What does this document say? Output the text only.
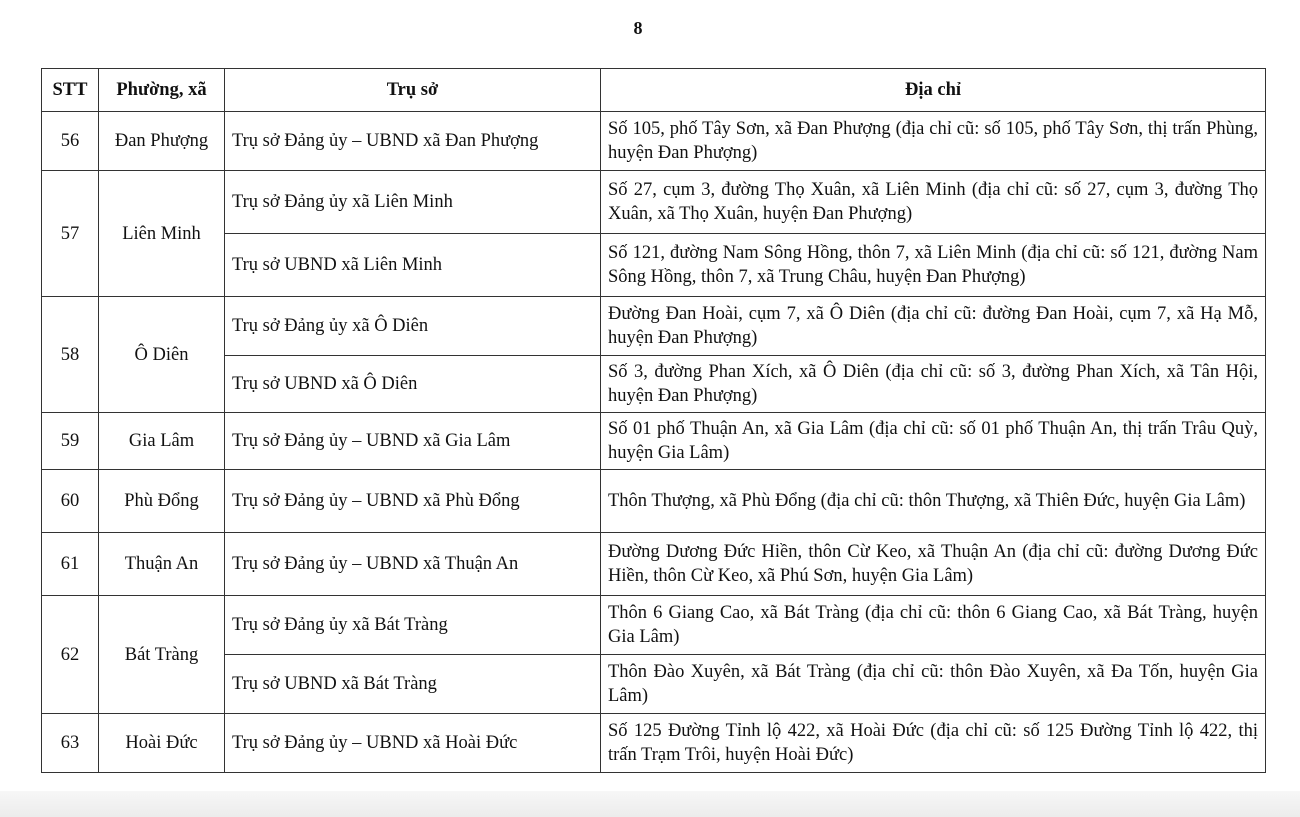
8
STT	Phường, xã	Trụ sở	Địa chỉ
56	Đan Phượng	Trụ sở Đảng ủy – UBND xã Đan Phượng	Số 105, phố Tây Sơn, xã Đan Phượng (địa chỉ cũ: số 105, phố Tây Sơn, thị trấn Phùng, huyện Đan Phượng)
57	Liên Minh	Trụ sở Đảng ủy xã Liên Minh	Số 27, cụm 3, đường Thọ Xuân, xã Liên Minh (địa chỉ cũ: số 27, cụm 3, đường Thọ Xuân, xã Thọ Xuân, huyện Đan Phượng)
		Trụ sở UBND xã Liên Minh	Số 121, đường Nam Sông Hồng, thôn 7, xã Liên Minh (địa chỉ cũ: số 121, đường Nam Sông Hồng, thôn 7, xã Trung Châu, huyện Đan Phượng)
58	Ô Diên	Trụ sở Đảng ủy xã Ô Diên	Đường Đan Hoài, cụm 7, xã Ô Diên (địa chỉ cũ: đường Đan Hoài, cụm 7, xã Hạ Mỗ, huyện Đan Phượng)
		Trụ sở UBND xã Ô Diên	Số 3, đường Phan Xích, xã Ô Diên (địa chỉ cũ: số 3, đường Phan Xích, xã Tân Hội, huyện Đan Phượng)
59	Gia Lâm	Trụ sở Đảng ủy – UBND xã Gia Lâm	Số 01 phố Thuận An, xã Gia Lâm (địa chỉ cũ: số 01 phố Thuận An, thị trấn Trâu Quỳ, huyện Gia Lâm)
60	Phù Đổng	Trụ sở Đảng ủy – UBND xã Phù Đổng	Thôn Thượng, xã Phù Đổng (địa chỉ cũ: thôn Thượng, xã Thiên Đức, huyện Gia Lâm)
61	Thuận An	Trụ sở Đảng ủy – UBND xã Thuận An	Đường Dương Đức Hiền, thôn Cừ Keo, xã Thuận An (địa chỉ cũ: đường Dương Đức Hiền, thôn Cừ Keo, xã Phú Sơn, huyện Gia Lâm)
62	Bát Tràng	Trụ sở Đảng ủy xã Bát Tràng	Thôn 6 Giang Cao, xã Bát Tràng (địa chỉ cũ: thôn 6 Giang Cao, xã Bát Tràng, huyện Gia Lâm)
		Trụ sở UBND xã Bát Tràng	Thôn Đào Xuyên, xã Bát Tràng (địa chỉ cũ: thôn Đào Xuyên, xã Đa Tốn, huyện Gia Lâm)
63	Hoài Đức	Trụ sở Đảng ủy – UBND xã Hoài Đức	Số 125 Đường Tỉnh lộ 422, xã Hoài Đức (địa chỉ cũ: số 125 Đường Tỉnh lộ 422, thị trấn Trạm Trôi, huyện Hoài Đức)
